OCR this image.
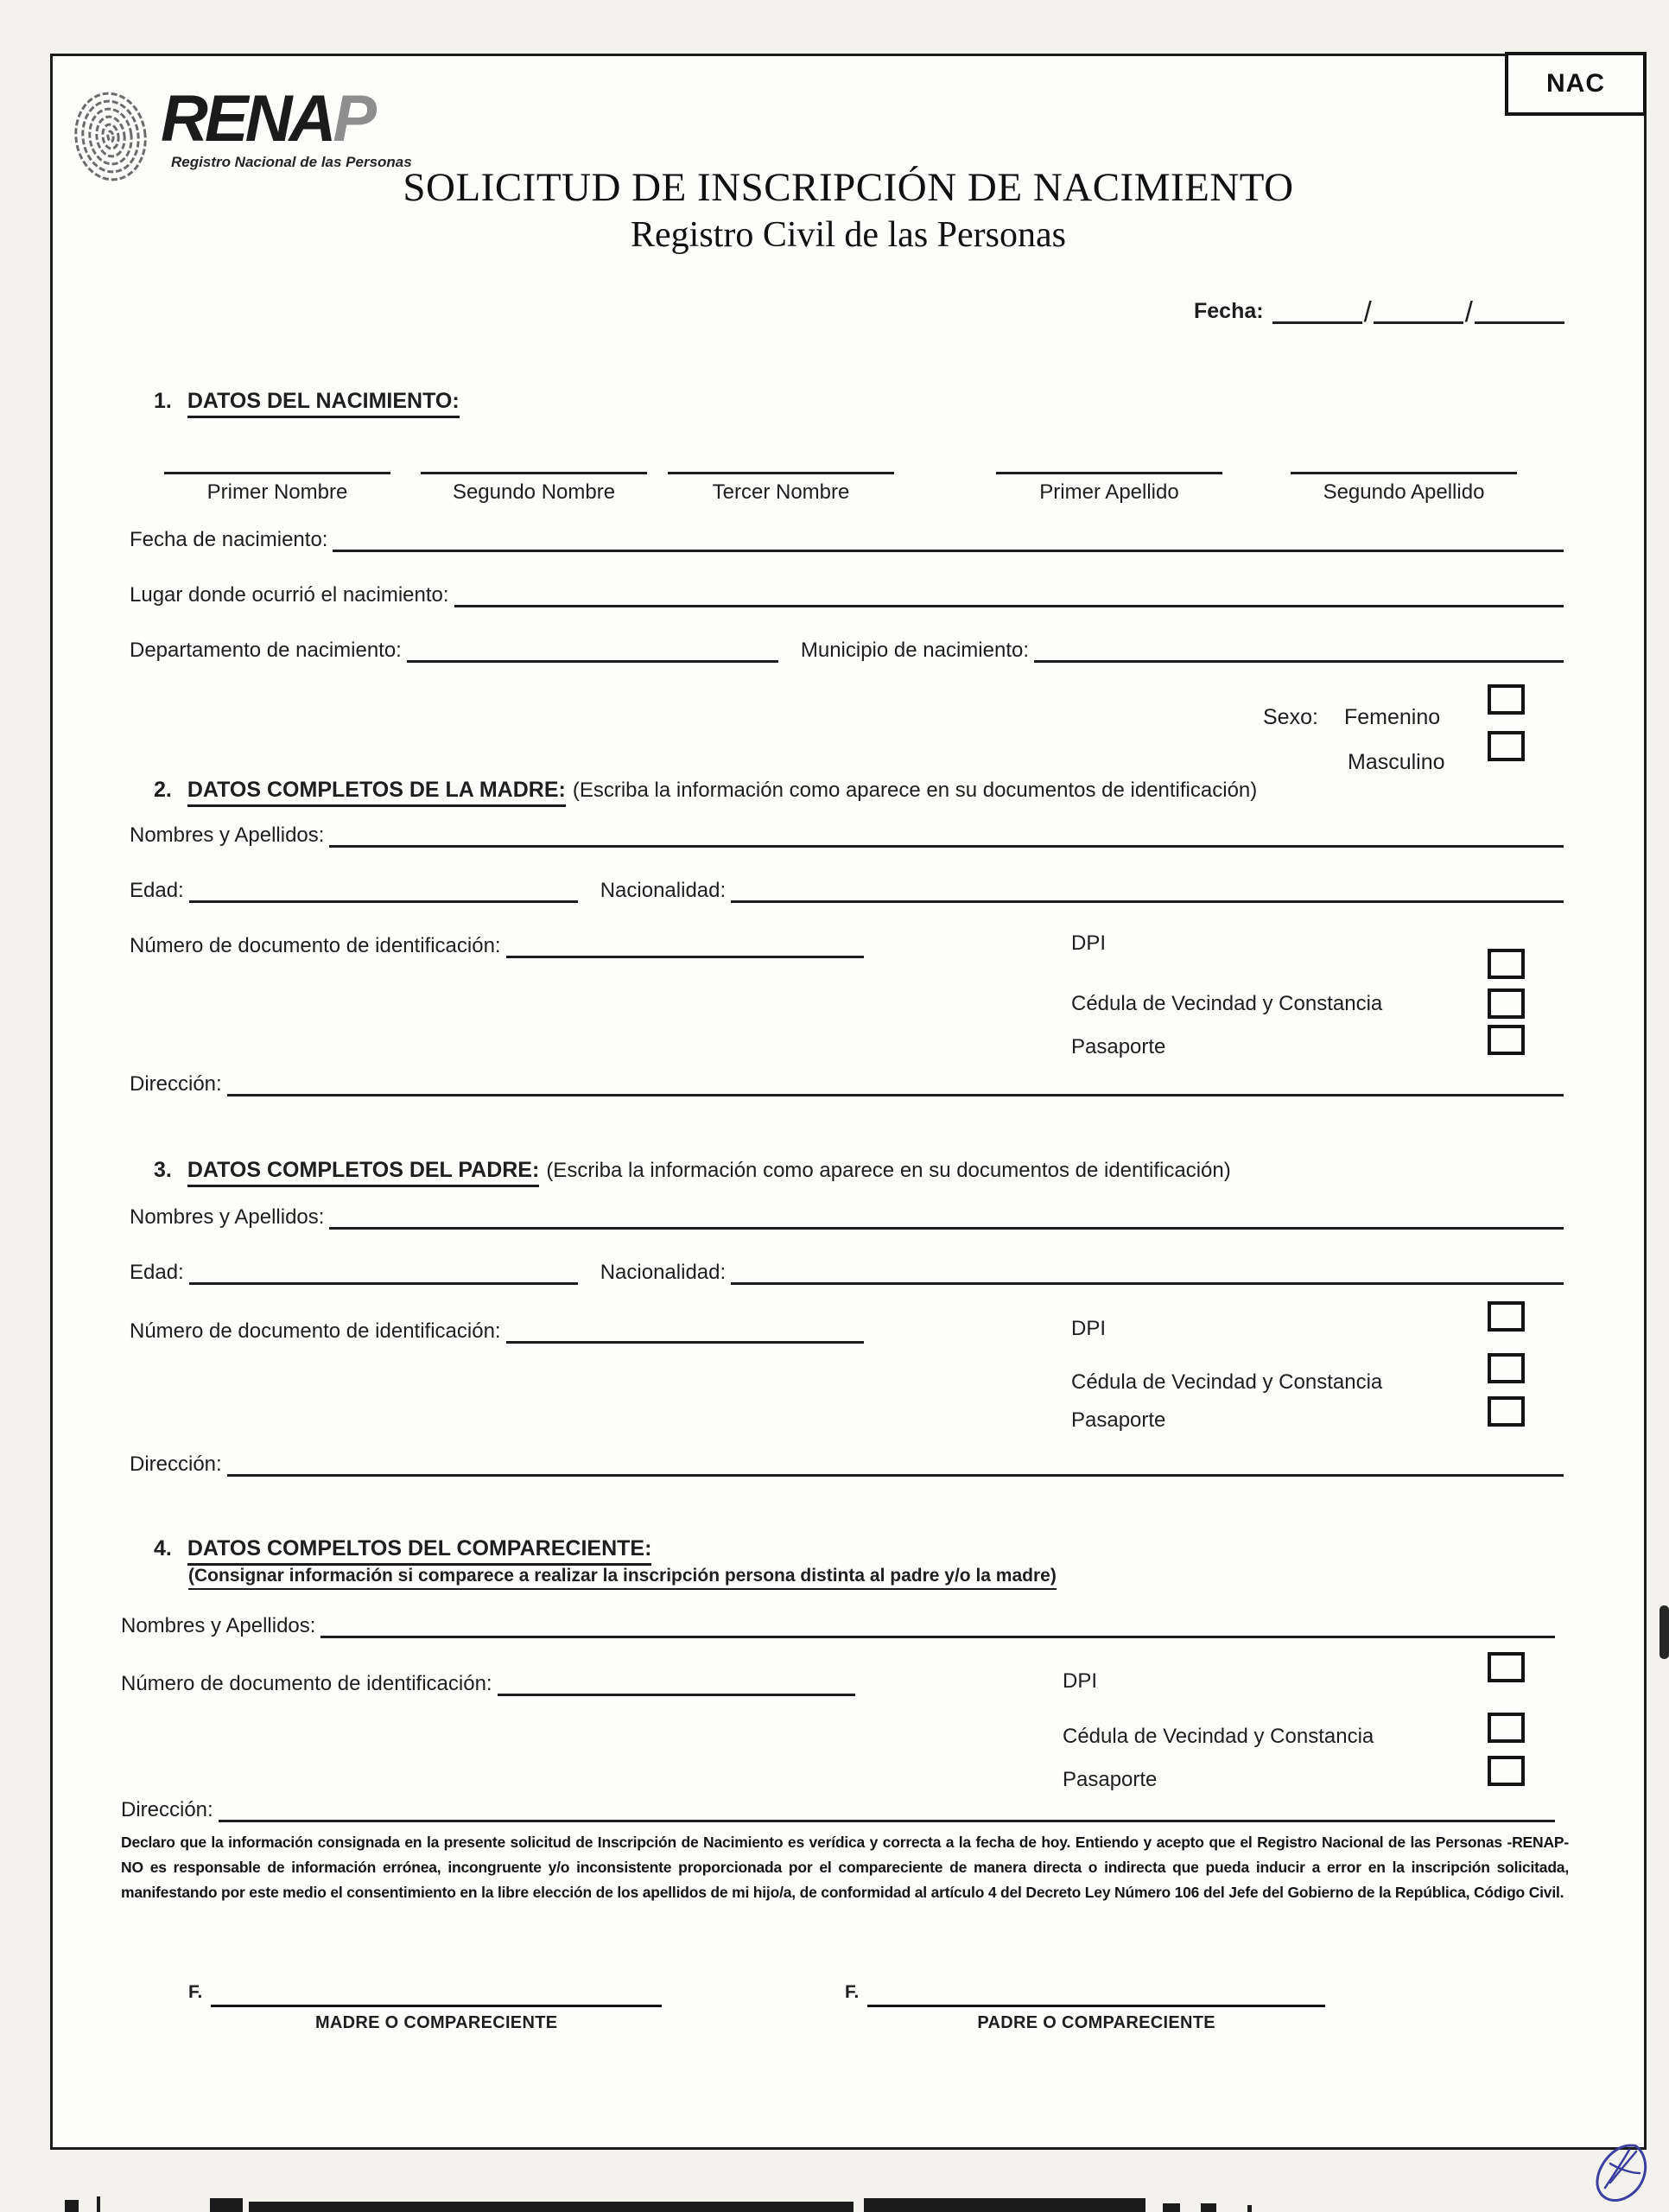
NAC
RENAP
Registro Nacional de las Personas
SOLICITUD DE INSCRIPCIÓN DE NACIMIENTO
Registro Civil de las Personas
Fecha:	/	/
1. DATOS DEL NACIMIENTO:
Primer Nombre	Segundo Nombre	Tercer Nombre	Primer Apellido	Segundo Apellido
Fecha de nacimiento:
Lugar donde ocurrió el nacimiento:
Departamento de nacimiento:	Municipio de nacimiento:
Sexo: Femenino
Masculino
2. DATOS COMPLETOS DE LA MADRE: (Escriba la información como aparece en su documentos de identificación)
Nombres y Apellidos:
Edad:	Nacionalidad:
Número de documento de identificación:	DPI
Cédula de Vecindad y Constancia
Pasaporte
Dirección:
3. DATOS COMPLETOS DEL PADRE: (Escriba la información como aparece en su documentos de identificación)
Nombres y Apellidos:
Edad:	Nacionalidad:
Número de documento de identificación:	DPI
Cédula de Vecindad y Constancia
Pasaporte
Dirección:
4. DATOS COMPELTOS DEL COMPARECIENTE:
(Consignar información si comparece a realizar la inscripción persona distinta al padre y/o la madre)
Nombres y Apellidos:
Número de documento de identificación:	DPI
Cédula de Vecindad y Constancia
Pasaporte
Dirección:
Declaro que la información consignada en la presente solicitud de Inscripción de Nacimiento es verídica y correcta a la fecha de hoy. Entiendo y acepto que el Registro Nacional de las Personas -RENAP- NO es responsable de información errónea, incongruente y/o inconsistente proporcionada por el compareciente de manera directa o indirecta que pueda inducir a error en la inscripción solicitada, manifestando por este medio el consentimiento en la libre elección de los apellidos de mi hijo/a, de conformidad al artículo 4 del Decreto Ley Número 106 del Jefe del Gobierno de la República, Código Civil.
F.
MADRE O COMPARECIENTE
F.
PADRE O COMPARECIENTE
